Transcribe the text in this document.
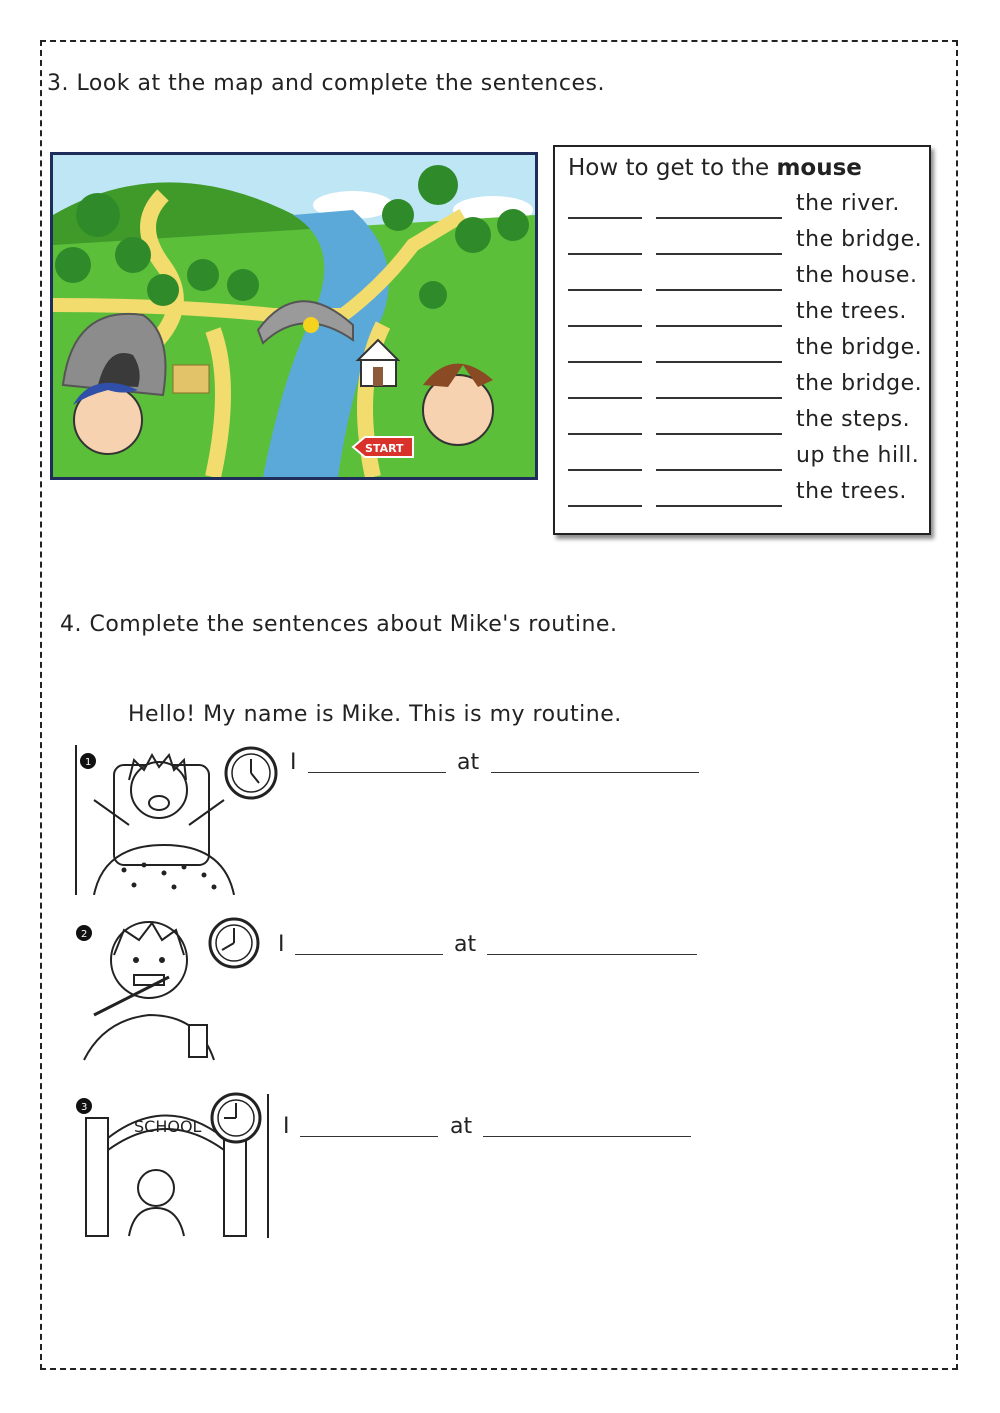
3. Look at the map and complete the sentences.
START
How to get to the mouse
the river.
the bridge.
the house.
the trees.
the bridge.
the bridge.
the steps.
up the hill.
the trees.
4. Complete the sentences about Mike's routine.
Hello! My name is Mike. This is my routine.
1	I	at
2	I	at
3
SCHOOL	I	at
